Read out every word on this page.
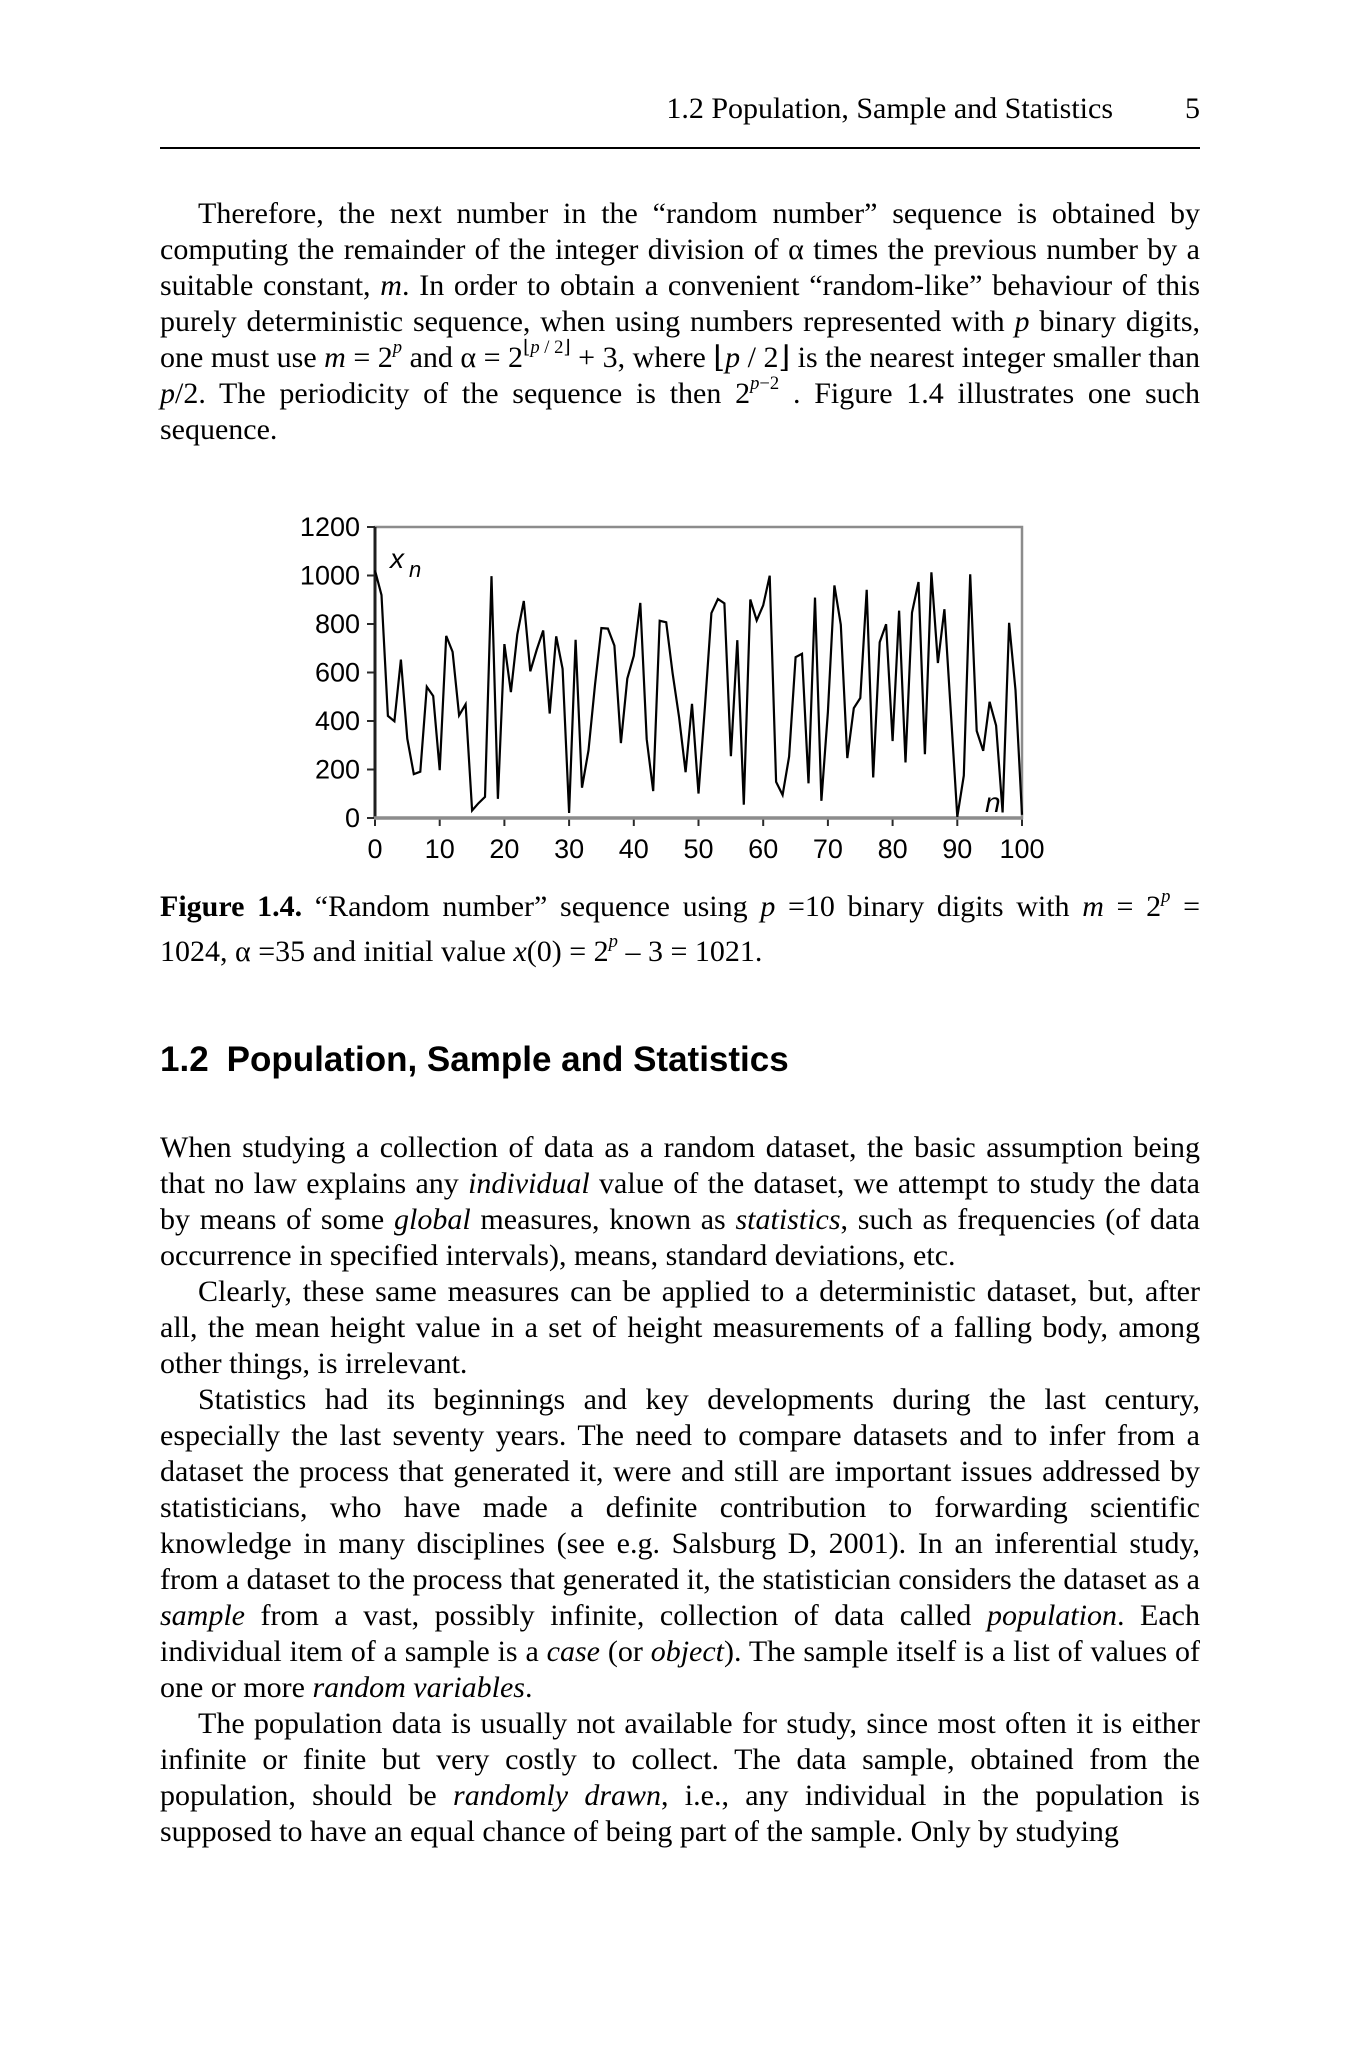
1.2 Population, Sample and Statistics 5

Therefore, the next number in the “random number” sequence is obtained by computing the remainder of the integer division of α times the previous number by a suitable constant, m. In order to obtain a convenient “random-like” behaviour of this purely deterministic sequence, when using numbers represented with p binary digits, one must use $m = 2^p$ and $\alpha = 2^{⌊p}$ $^{/ 2⌋}$ + 3, where ⌊p / 2⌋ is the nearest integer smaller than p/2. The periodicity of the sequence is then $2^{p-2}$ . Figure 1.4 illustrates one such sequence.

0
200
400
600
800
1000
1200
0 10 20 30 40 50 60 70 80 90 100
x n
n

Figure 1.4. “Random number” sequence using p =10 binary digits with $m = 2^p = 1024$, α =35 and initial value $x(0) = 2^p - 3 = 1021$.

1.2 Population, Sample and Statistics

When studying a collection of data as a random dataset, the basic assumption being that no law explains any individual value of the dataset, we attempt to study the data by means of some global measures, known as statistics, such as frequencies (of data occurrence in specified intervals), means, standard deviations, etc.

Clearly, these same measures can be applied to a deterministic dataset, but, after all, the mean height value in a set of height measurements of a falling body, among other things, is irrelevant.

Statistics had its beginnings and key developments during the last century, especially the last seventy years. The need to compare datasets and to infer from a dataset the process that generated it, were and still are important issues addressed by statisticians, who have made a definite contribution to forwarding scientific knowledge in many disciplines (see e.g. Salsburg D, 2001). In an inferential study, from a dataset to the process that generated it, the statistician considers the dataset as a sample from a vast, possibly infinite, collection of data called population. Each individual item of a sample is a case (or object). The sample itself is a list of values of one or more random variables.

The population data is usually not available for study, since most often it is either infinite or finite but very costly to collect. The data sample, obtained from the population, should be randomly drawn, i.e., any individual in the population is supposed to have an equal chance of being part of the sample. Only by studying
